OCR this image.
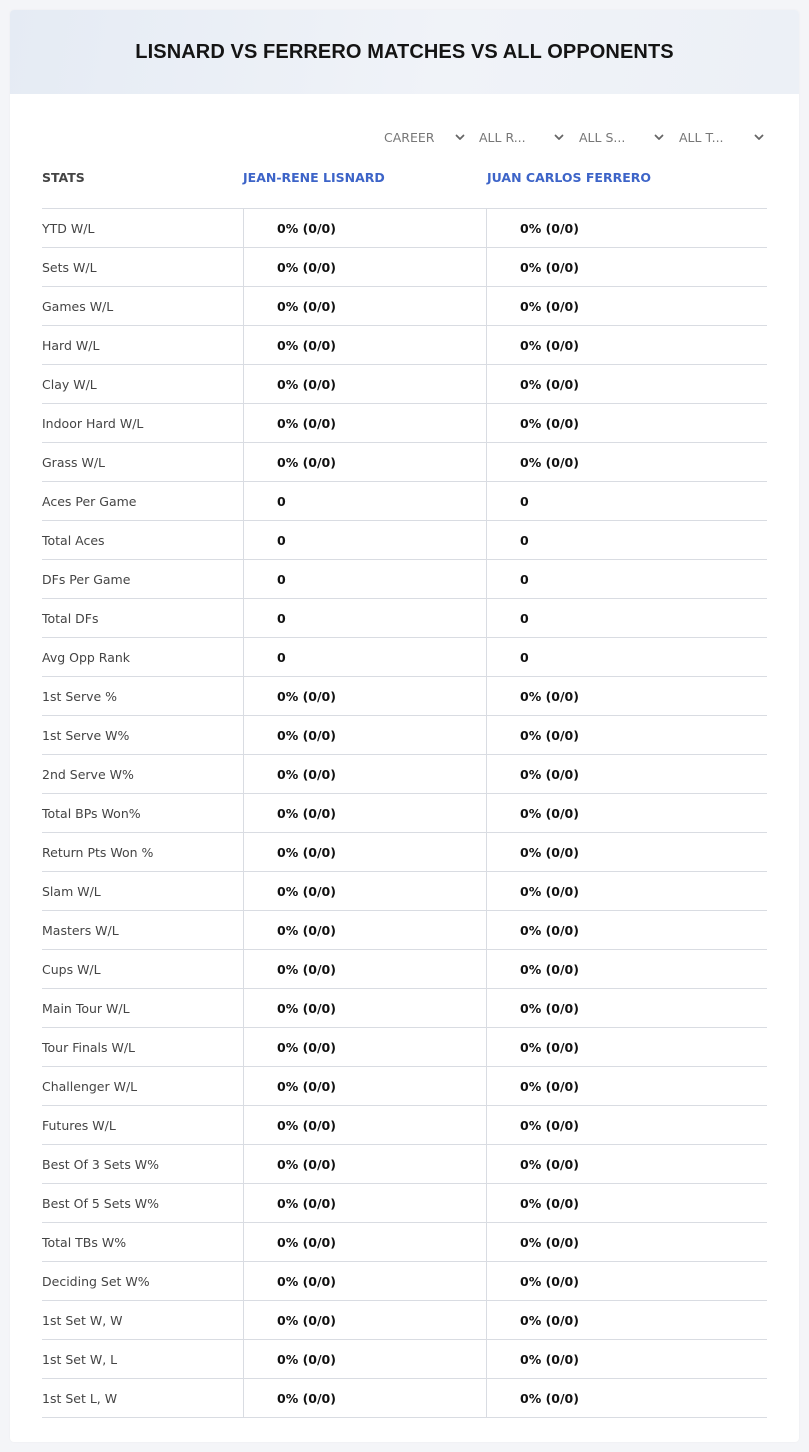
LISNARD VS FERRERO MATCHES VS ALL OPPONENTS
CAREER	ALL R...	ALL S...	ALL T...
STATS	JEAN-RENE LISNARD	JUAN CARLOS FERRERO
YTD W/L	0% (0/0)	0% (0/0)
Sets W/L	0% (0/0)	0% (0/0)
Games W/L	0% (0/0)	0% (0/0)
Hard W/L	0% (0/0)	0% (0/0)
Clay W/L	0% (0/0)	0% (0/0)
Indoor Hard W/L	0% (0/0)	0% (0/0)
Grass W/L	0% (0/0)	0% (0/0)
Aces Per Game	0	0
Total Aces	0	0
DFs Per Game	0	0
Total DFs	0	0
Avg Opp Rank	0	0
1st Serve %	0% (0/0)	0% (0/0)
1st Serve W%	0% (0/0)	0% (0/0)
2nd Serve W%	0% (0/0)	0% (0/0)
Total BPs Won%	0% (0/0)	0% (0/0)
Return Pts Won %	0% (0/0)	0% (0/0)
Slam W/L	0% (0/0)	0% (0/0)
Masters W/L	0% (0/0)	0% (0/0)
Cups W/L	0% (0/0)	0% (0/0)
Main Tour W/L	0% (0/0)	0% (0/0)
Tour Finals W/L	0% (0/0)	0% (0/0)
Challenger W/L	0% (0/0)	0% (0/0)
Futures W/L	0% (0/0)	0% (0/0)
Best Of 3 Sets W%	0% (0/0)	0% (0/0)
Best Of 5 Sets W%	0% (0/0)	0% (0/0)
Total TBs W%	0% (0/0)	0% (0/0)
Deciding Set W%	0% (0/0)	0% (0/0)
1st Set W, W	0% (0/0)	0% (0/0)
1st Set W, L	0% (0/0)	0% (0/0)
1st Set L, W	0% (0/0)	0% (0/0)
